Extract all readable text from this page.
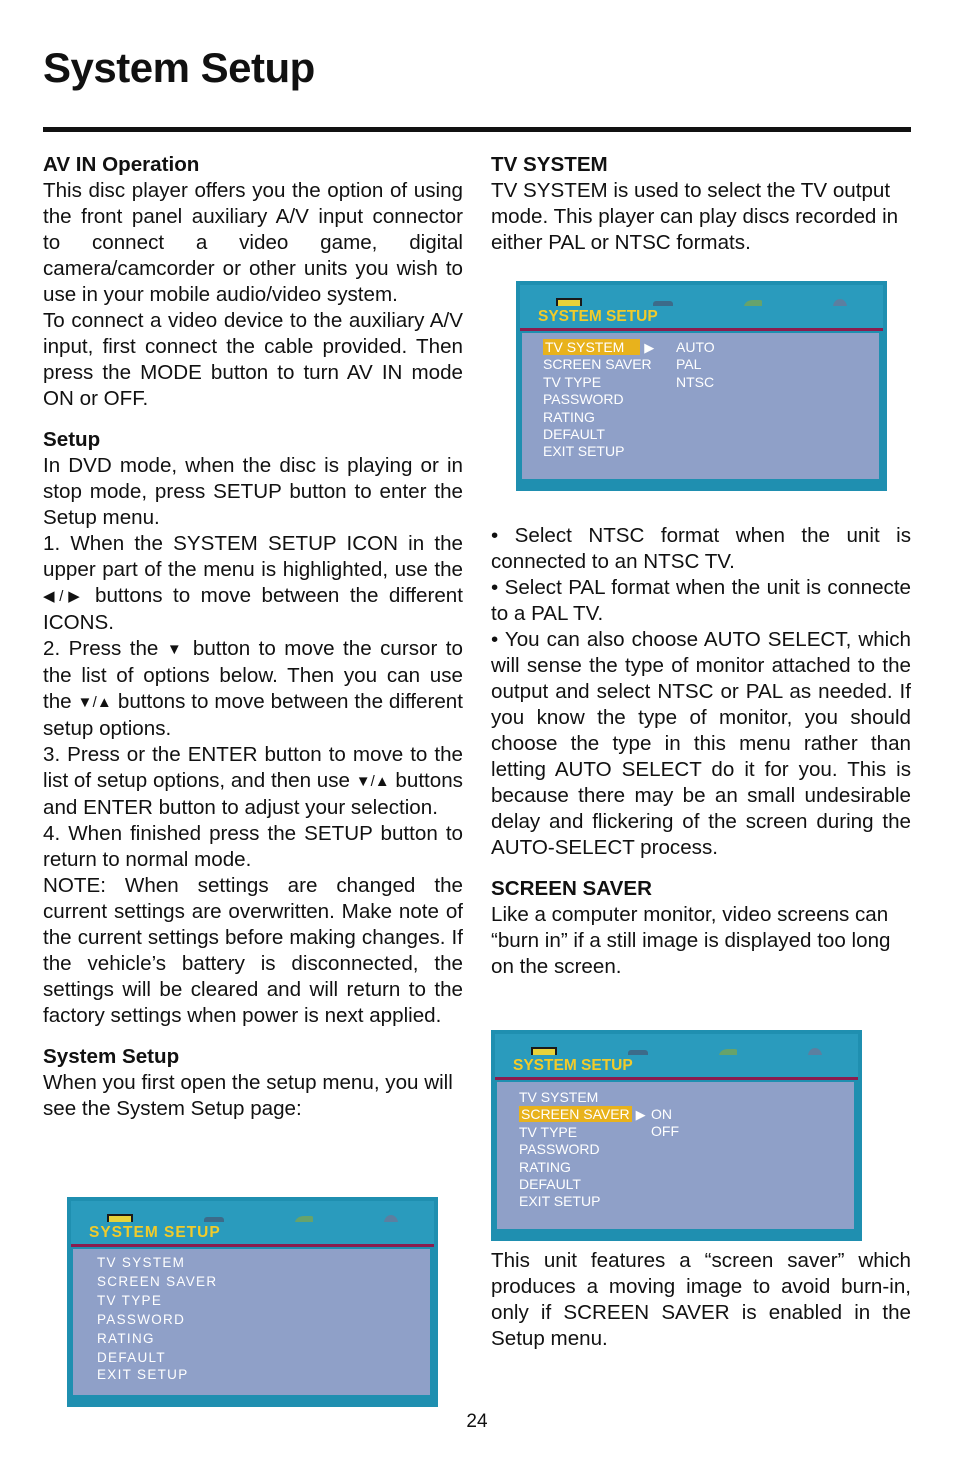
System Setup
AV IN Operation

This disc player offers you the option of using the front panel auxiliary A/V input connector to connect a video game, digital camera/camcorder or other units you wish to use in your mobile audio/video system.

To connect a video device to the auxiliary A/V input, first connect the cable provided. Then press the MODE button to turn AV IN mode ON or OFF.

Setup

In DVD mode, when the disc is playing or in stop mode, press SETUP button to enter the Setup menu.

1. When the SYSTEM SETUP ICON in the upper part of the menu is highlighted, use the ◀/▶ buttons to move between the different ICONS.

2. Press the ▼ button to move the cursor to the list of options below. Then you can use the ▼/▲ buttons to move between the different setup options.

3. Press or the ENTER button to move to the list of setup options, and then use ▼/▲ buttons and ENTER button to adjust your selection.

4. When finished press the SETUP button to return to normal mode.

NOTE: When settings are changed the current settings are overwritten. Make note of the current settings before making changes. If the vehicle’s battery is disconnected, the settings will be cleared and will return to the factory settings when power is next applied.

System Setup

When you first open the setup menu, you will see the System Setup page:

TV SYSTEM

TV SYSTEM is used to select the TV output mode. This player can play discs recorded in either PAL or NTSC formats.

• Select NTSC format when the unit is connected to an NTSC TV.

• Select PAL format when the unit is connecte to a PAL TV.

• You can also choose AUTO SELECT, which will sense the type of monitor attached to the output and select NTSC or PAL as needed. If you know the type of monitor, you should choose the type in this menu rather than letting AUTO SELECT do it for you. This is because there may be an small undesirable delay and flickering of the screen during the AUTO-SELECT process.

SCREEN SAVER

Like a computer monitor, video screens can “burn in” if a still image is displayed too long on the screen.

This unit features a “screen saver” which produces a moving image to avoid burn-in, only if SCREEN SAVER is enabled in the Setup menu.

SYSTEM SETUP
TV SYSTEM
SCREEN SAVER
TV TYPE
PASSWORD
RATING
DEFAULT
EXIT SETUP
SYSTEM SETUP
TV SYSTEM ▶
SCREEN SAVER
TV TYPE
PASSWORD
RATING
DEFAULT
EXIT SETUP
AUTO
PAL
NTSC
SYSTEM SETUP
TV SYSTEM
SCREEN SAVER ▶
TV TYPE
PASSWORD
RATING
DEFAULT
EXIT SETUP
ON
OFF
24
